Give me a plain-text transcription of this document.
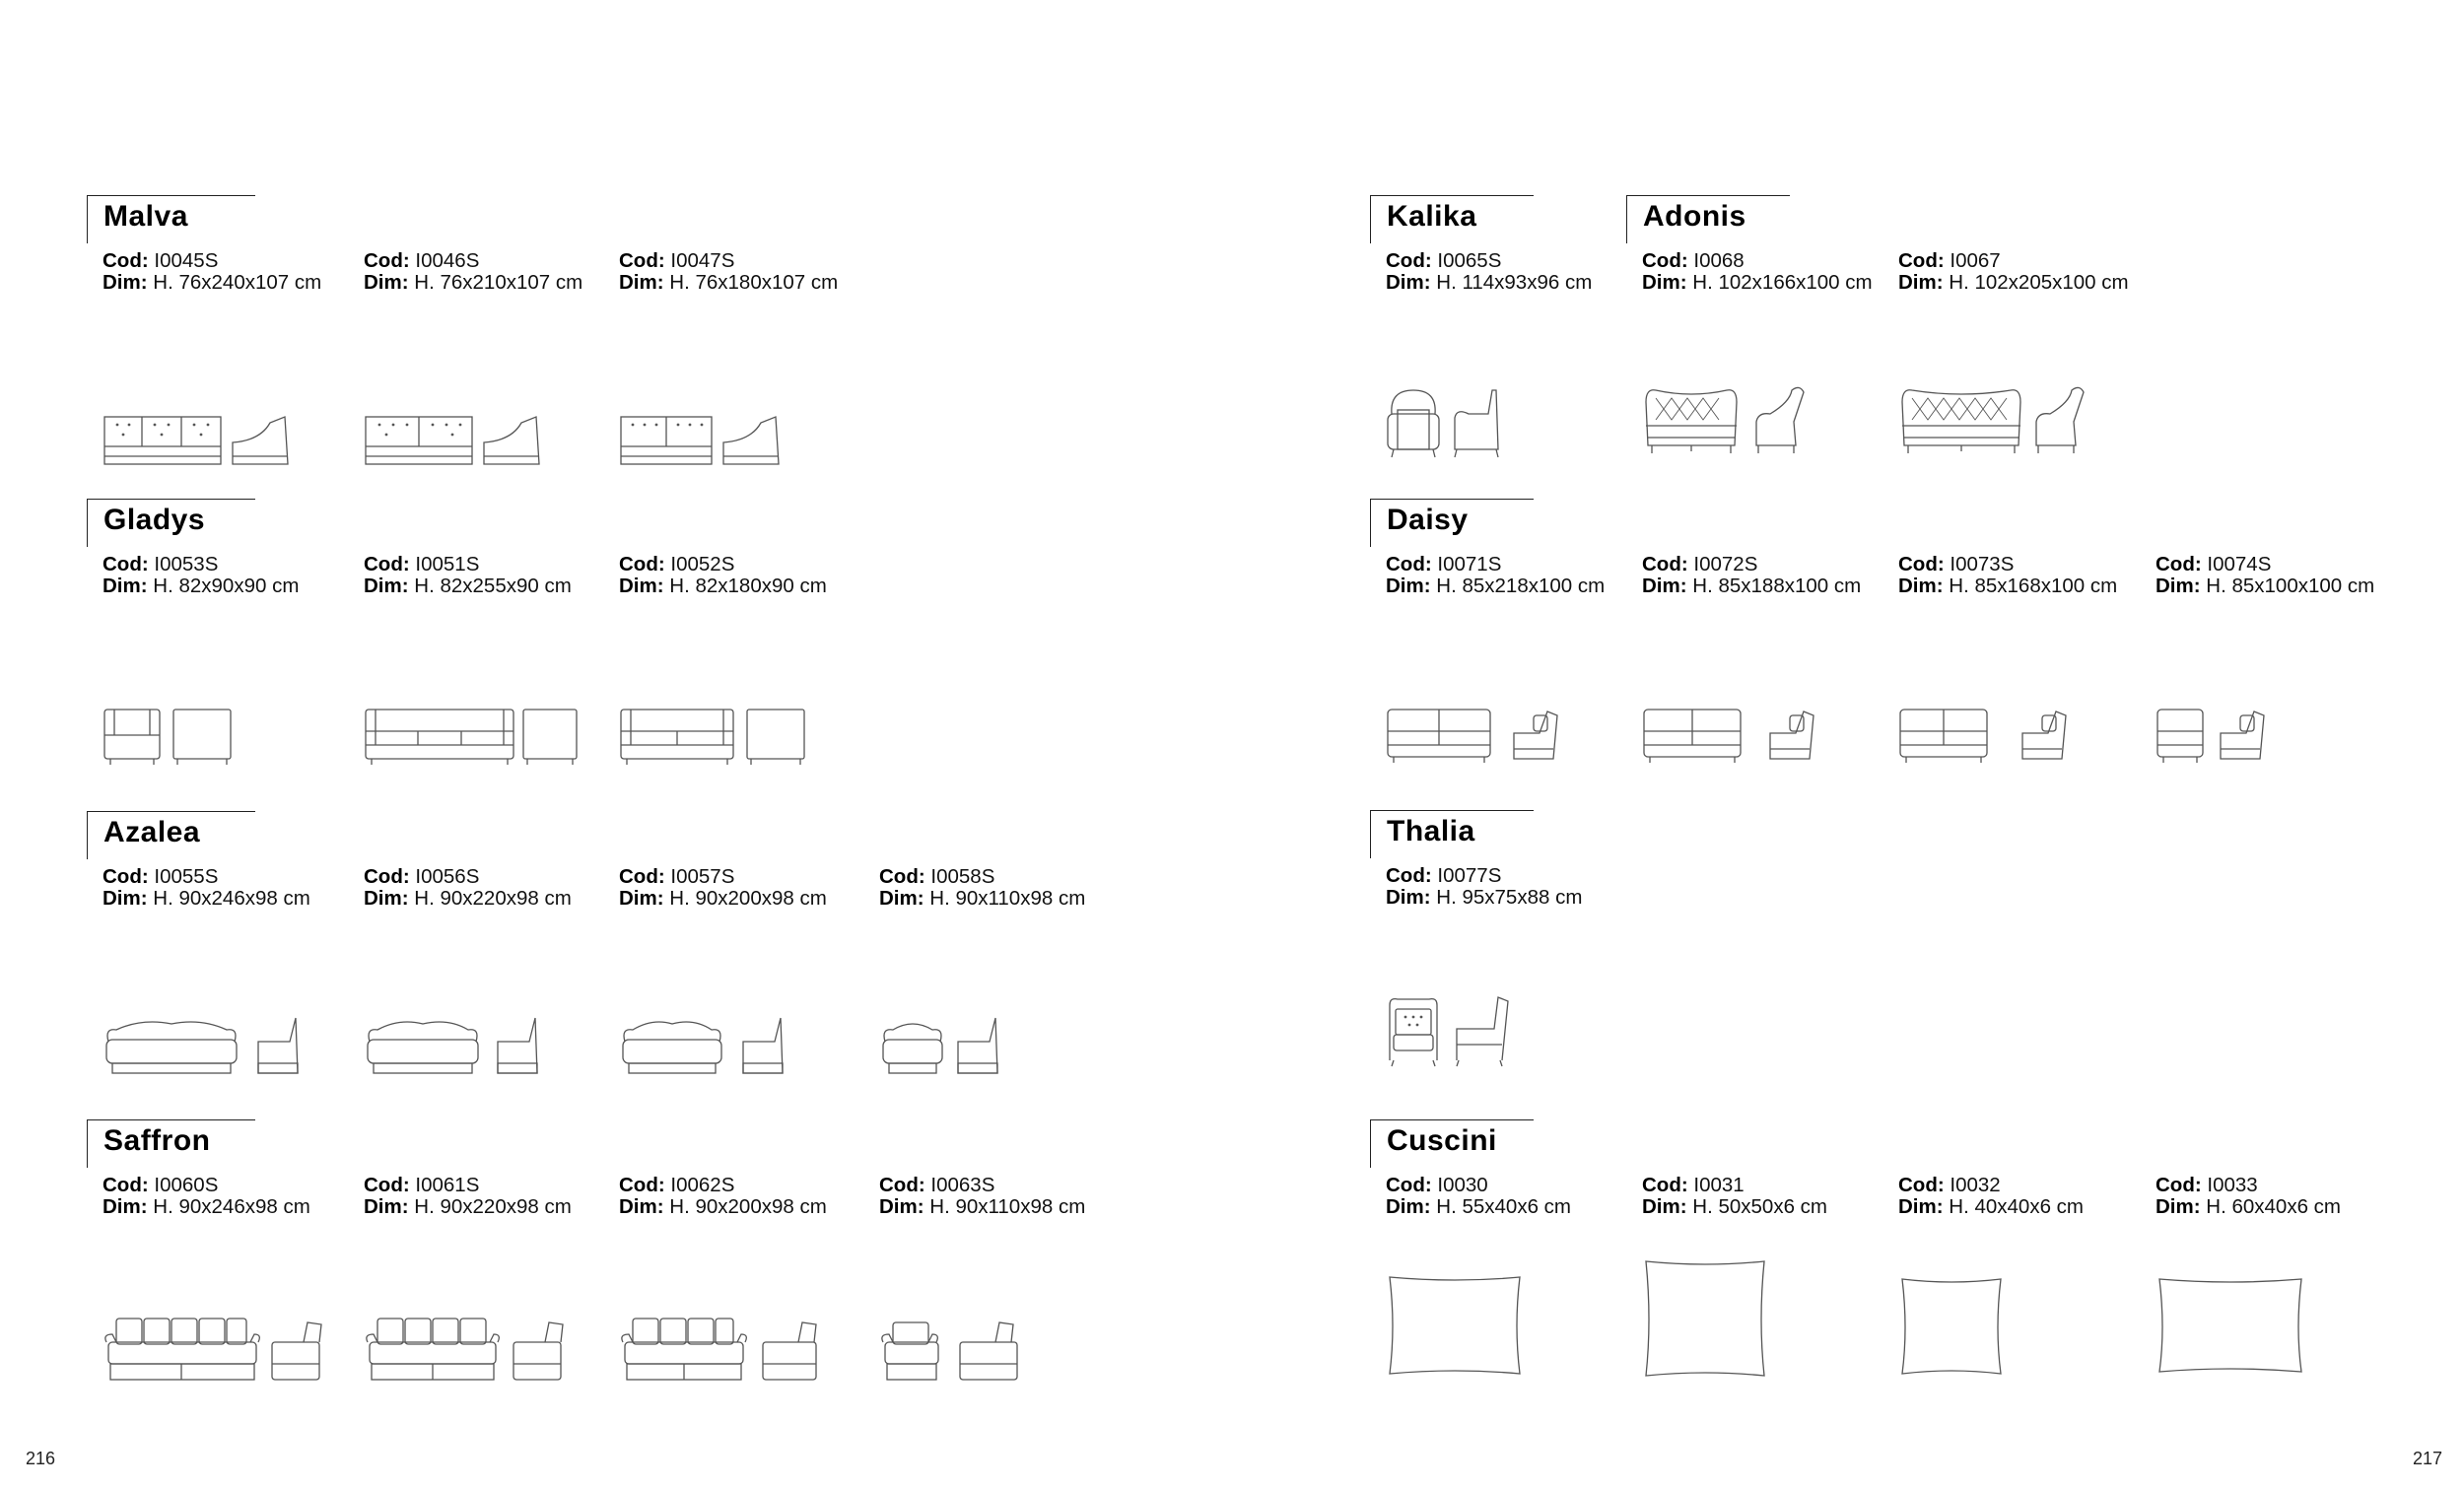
Malva
Cod: I0045S
Dim: H. 76x240x107 cm
Cod: I0046S
Dim: H. 76x210x107 cm
Cod: I0047S
Dim: H. 76x180x107 cm
Gladys
Cod: I0053S
Dim: H. 82x90x90 cm
Cod: I0051S
Dim: H. 82x255x90 cm
Cod: I0052S
Dim: H. 82x180x90 cm
Azalea
Cod: I0055S
Dim: H. 90x246x98 cm
Cod: I0056S
Dim: H. 90x220x98 cm
Cod: I0057S
Dim: H. 90x200x98 cm
Cod: I0058S
Dim: H. 90x110x98 cm
Saffron
Cod: I0060S
Dim: H. 90x246x98 cm
Cod: I0061S
Dim: H. 90x220x98 cm
Cod: I0062S
Dim: H. 90x200x98 cm
Cod: I0063S
Dim: H. 90x110x98 cm
Kalika
Cod: I0065S
Dim: H. 114x93x96 cm
Adonis
Cod: I0068
Dim: H. 102x166x100 cm
Cod: I0067
Dim: H. 102x205x100 cm
Daisy
Cod: I0071S
Dim: H. 85x218x100 cm
Cod: I0072S
Dim: H. 85x188x100 cm
Cod: I0073S
Dim: H. 85x168x100 cm
Cod: I0074S
Dim: H. 85x100x100 cm
Thalia
Cod: I0077S
Dim: H. 95x75x88 cm
Cuscini
Cod: I0030
Dim: H. 55x40x6 cm
Cod: I0031
Dim: H. 50x50x6 cm
Cod: I0032
Dim: H. 40x40x6 cm
Cod: I0033
Dim: H. 60x40x6 cm
216	217
